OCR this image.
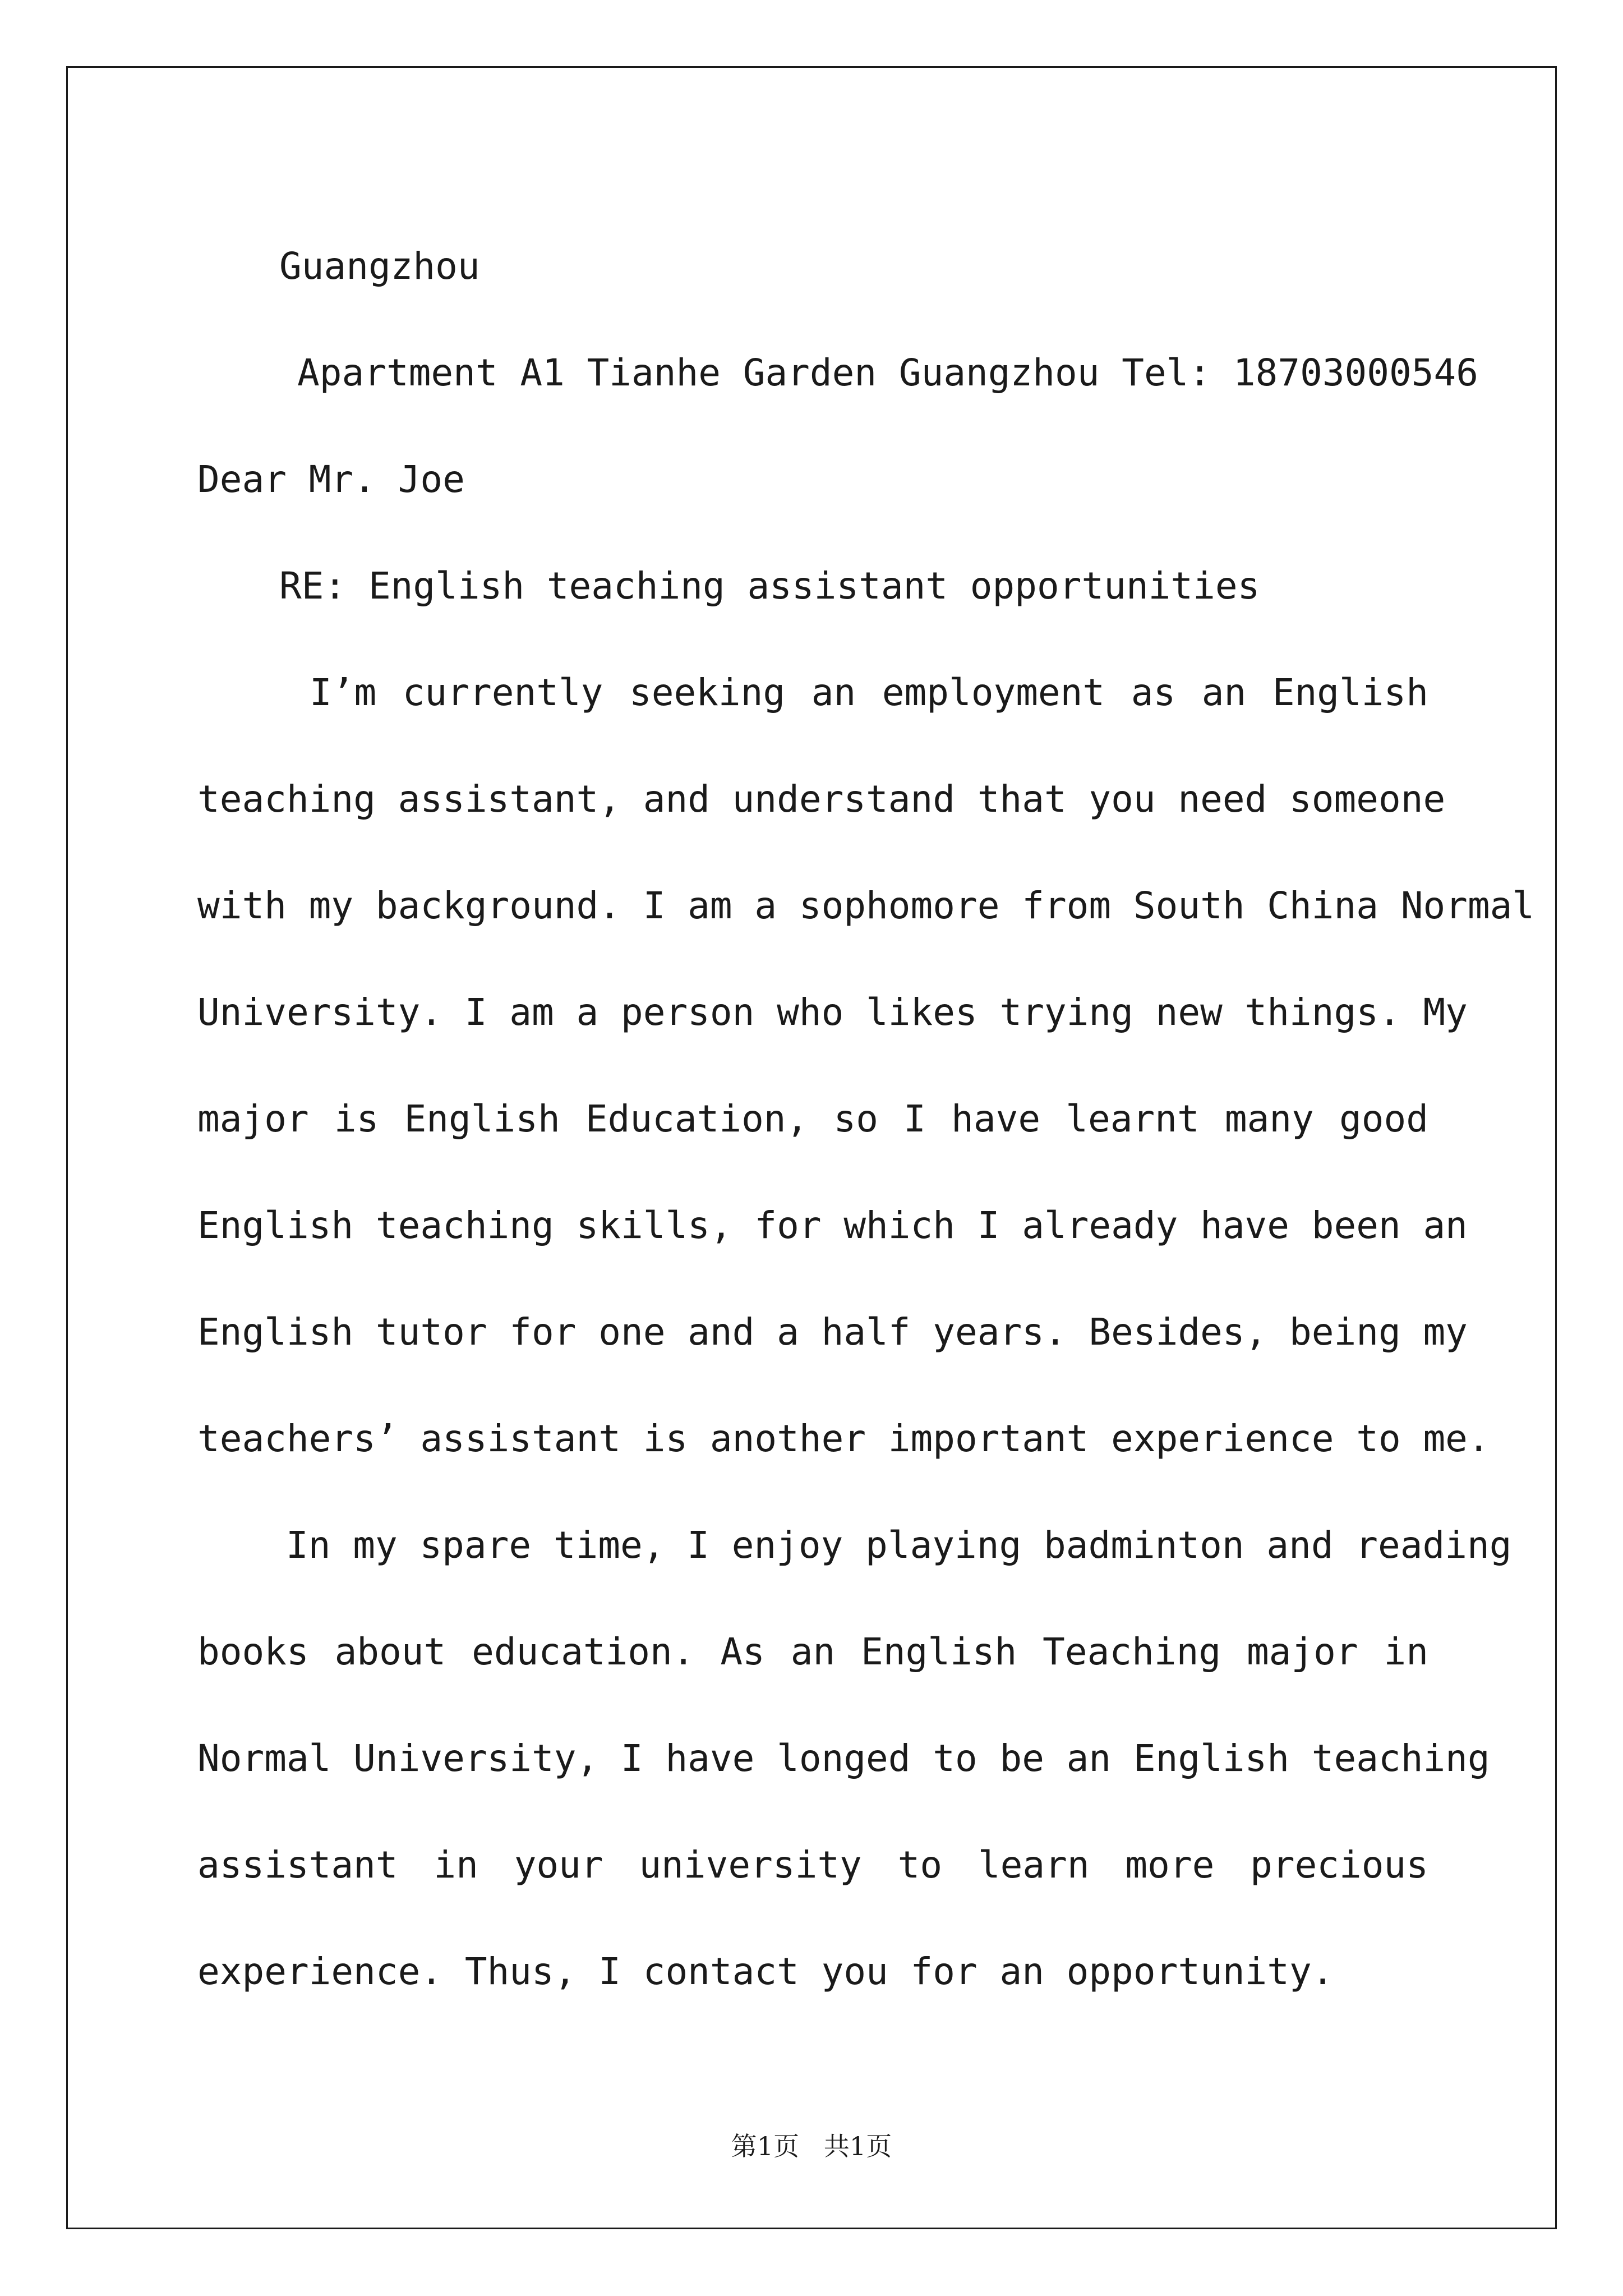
Guangzhou
Apartment A1 Tianhe Garden Guangzhou Tel: 18703000546
Dear Mr. Joe
RE: English teaching assistant opportunities
I’m currently seeking an employment as an English
teaching assistant, and understand that you need someone
with my background. I am a sophomore from South China Normal
University. I am a person who likes trying new things. My
major is English Education, so I have learnt many good
English teaching skills, for which I already have been an
English tutor for one and a half years. Besides, being my
teachers’ assistant is another important experience to me.
In my spare time, I enjoy playing badminton and reading
books about education. As an English Teaching major in
Normal University, I have longed to be an English teaching
assistant in your university to learn more precious
experience. Thus, I contact you for an opportunity.
第1页   共1页
